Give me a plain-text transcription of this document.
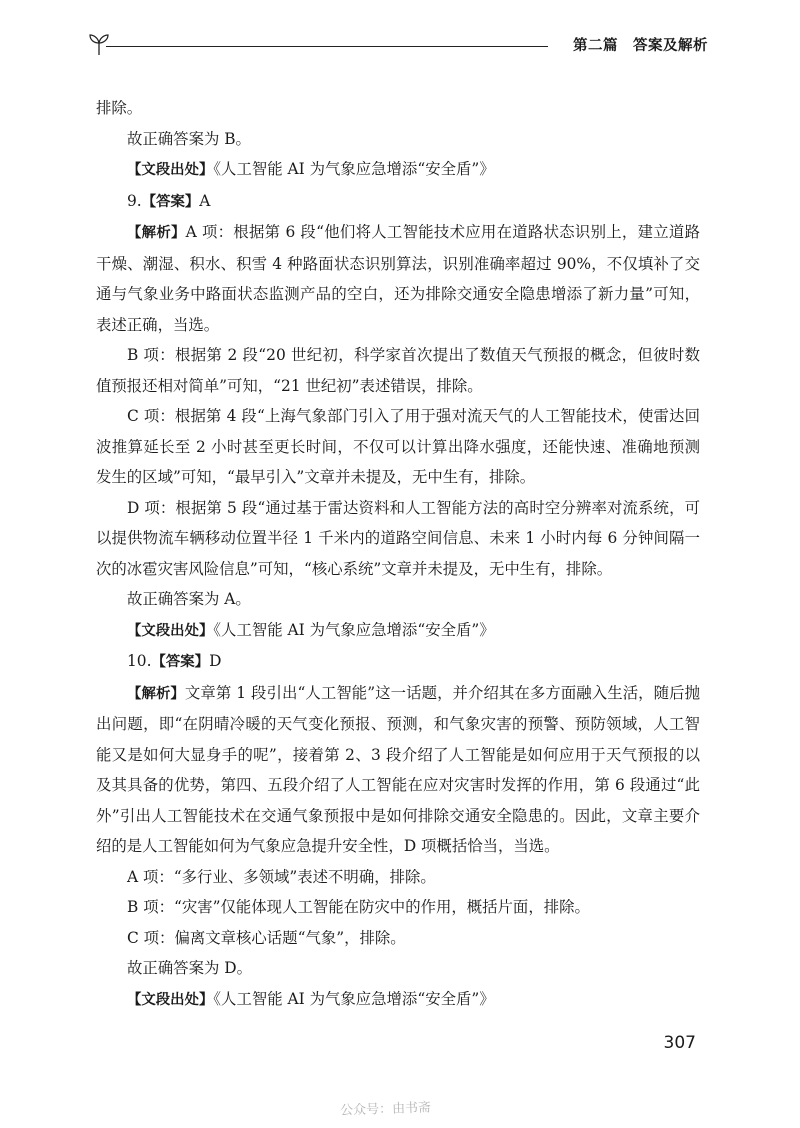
第二篇　答案及解析

排除。

故正确答案为 B。

【文段出处】《人工智能 AI 为气象应急增添“安全盾”》

9.【答案】A

【解析】A 项：根据第 6 段“他们将人工智能技术应用在道路状态识别上，建立道路干燥、潮湿、积水、积雪 4 种路面状态识别算法，识别准确率超过 90%，不仅填补了交通与气象业务中路面状态监测产品的空白，还为排除交通安全隐患增添了新力量”可知，表述正确，当选。

B 项：根据第 2 段“20 世纪初，科学家首次提出了数值天气预报的概念，但彼时数值预报还相对简单”可知，“21 世纪初”表述错误，排除。

C 项：根据第 4 段“上海气象部门引入了用于强对流天气的人工智能技术，使雷达回波推算延长至 2 小时甚至更长时间，不仅可以计算出降水强度，还能快速、准确地预测发生的区域”可知，“最早引入”文章并未提及，无中生有，排除。

D 项：根据第 5 段“通过基于雷达资料和人工智能方法的高时空分辨率对流系统，可以提供物流车辆移动位置半径 1 千米内的道路空间信息、未来 1 小时内每 6 分钟间隔一次的冰雹灾害风险信息”可知，“核心系统”文章并未提及，无中生有，排除。

故正确答案为 A。

【文段出处】《人工智能 AI 为气象应急增添“安全盾”》

10.【答案】D

【解析】文章第 1 段引出“人工智能”这一话题，并介绍其在多方面融入生活，随后抛出问题，即“在阴晴冷暖的天气变化预报、预测，和气象灾害的预警、预防领域，人工智能又是如何大显身手的呢”，接着第 2、3 段介绍了人工智能是如何应用于天气预报的以及其具备的优势，第四、五段介绍了人工智能在应对灾害时发挥的作用，第 6 段通过“此外”引出人工智能技术在交通气象预报中是如何排除交通安全隐患的。因此，文章主要介绍的是人工智能如何为气象应急提升安全性，D 项概括恰当，当选。

A 项：“多行业、多领域”表述不明确，排除。

B 项：“灾害”仅能体现人工智能在防灾中的作用，概括片面，排除。

C 项：偏离文章核心话题“气象”，排除。

故正确答案为 D。

【文段出处】《人工智能 AI 为气象应急增添“安全盾”》

307
公众号：由书斋
